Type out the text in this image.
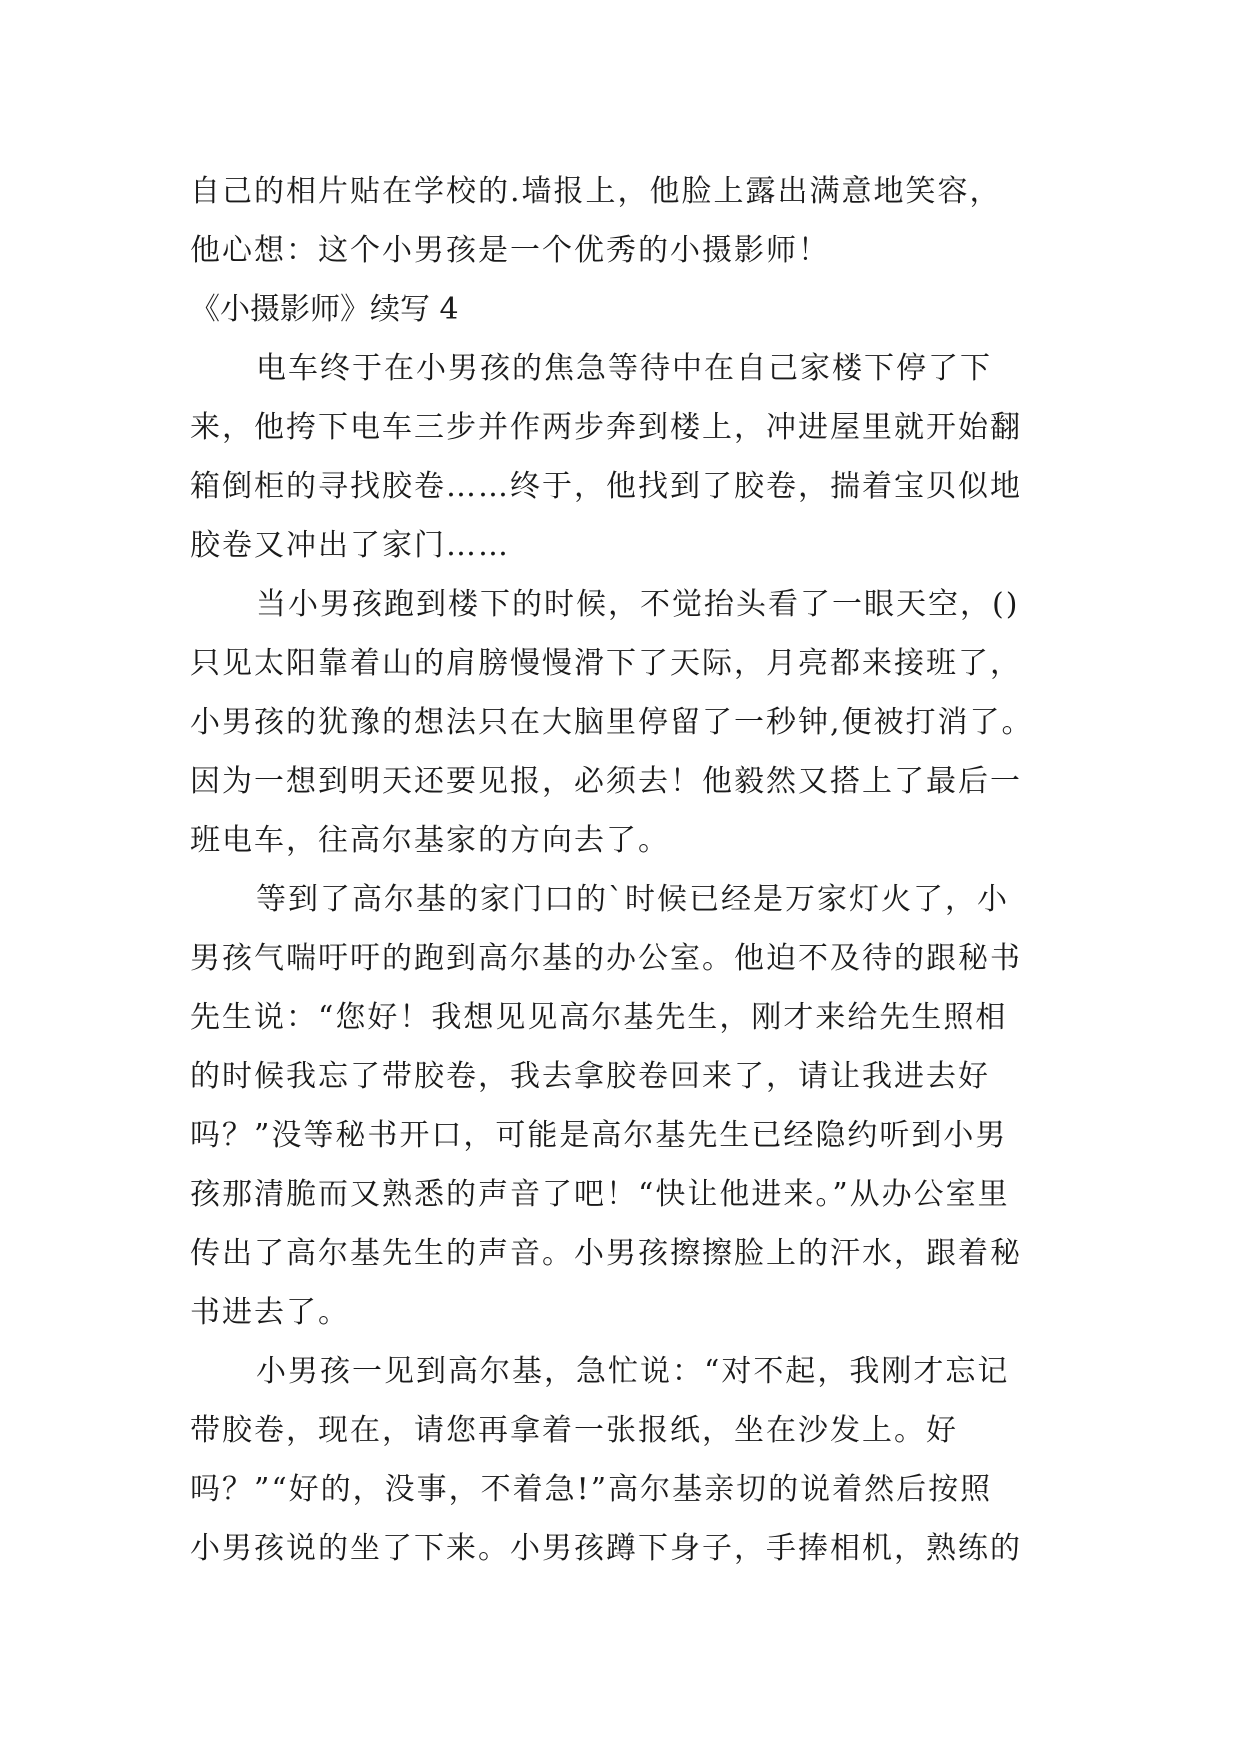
自己的相片贴在学校的.墙报上，他脸上露出满意地笑容，
他心想：这个小男孩是一个优秀的小摄影师！
《小摄影师》续写 4
电车终于在小男孩的焦急等待中在自己家楼下停了下
来，他挎下电车三步并作两步奔到楼上，冲进屋里就开始翻
箱倒柜的寻找胶卷……终于，他找到了胶卷，揣着宝贝似地
胶卷又冲出了家门……
当小男孩跑到楼下的时候，不觉抬头看了一眼天空，()
只见太阳靠着山的肩膀慢慢滑下了天际，月亮都来接班了，
小男孩的犹豫的想法只在大脑里停留了一秒钟,便被打消了。
因为一想到明天还要见报，必须去！他毅然又搭上了最后一
班电车，往高尔基家的方向去了。
等到了高尔基的家门口的`时候已经是万家灯火了，小
男孩气喘吁吁的跑到高尔基的办公室。他迫不及待的跟秘书
先生说：“您好！我想见见高尔基先生，刚才来给先生照相
的时候我忘了带胶卷，我去拿胶卷回来了，请让我进去好
吗？”没等秘书开口，可能是高尔基先生已经隐约听到小男
孩那清脆而又熟悉的声音了吧！“快让他进来。”从办公室里
传出了高尔基先生的声音。小男孩擦擦脸上的汗水，跟着秘
书进去了。
小男孩一见到高尔基，急忙说：“对不起，我刚才忘记
带胶卷，现在，请您再拿着一张报纸，坐在沙发上。好
吗？”“好的，没事，不着急!”高尔基亲切的说着然后按照
小男孩说的坐了下来。小男孩蹲下身子，手捧相机，熟练的
